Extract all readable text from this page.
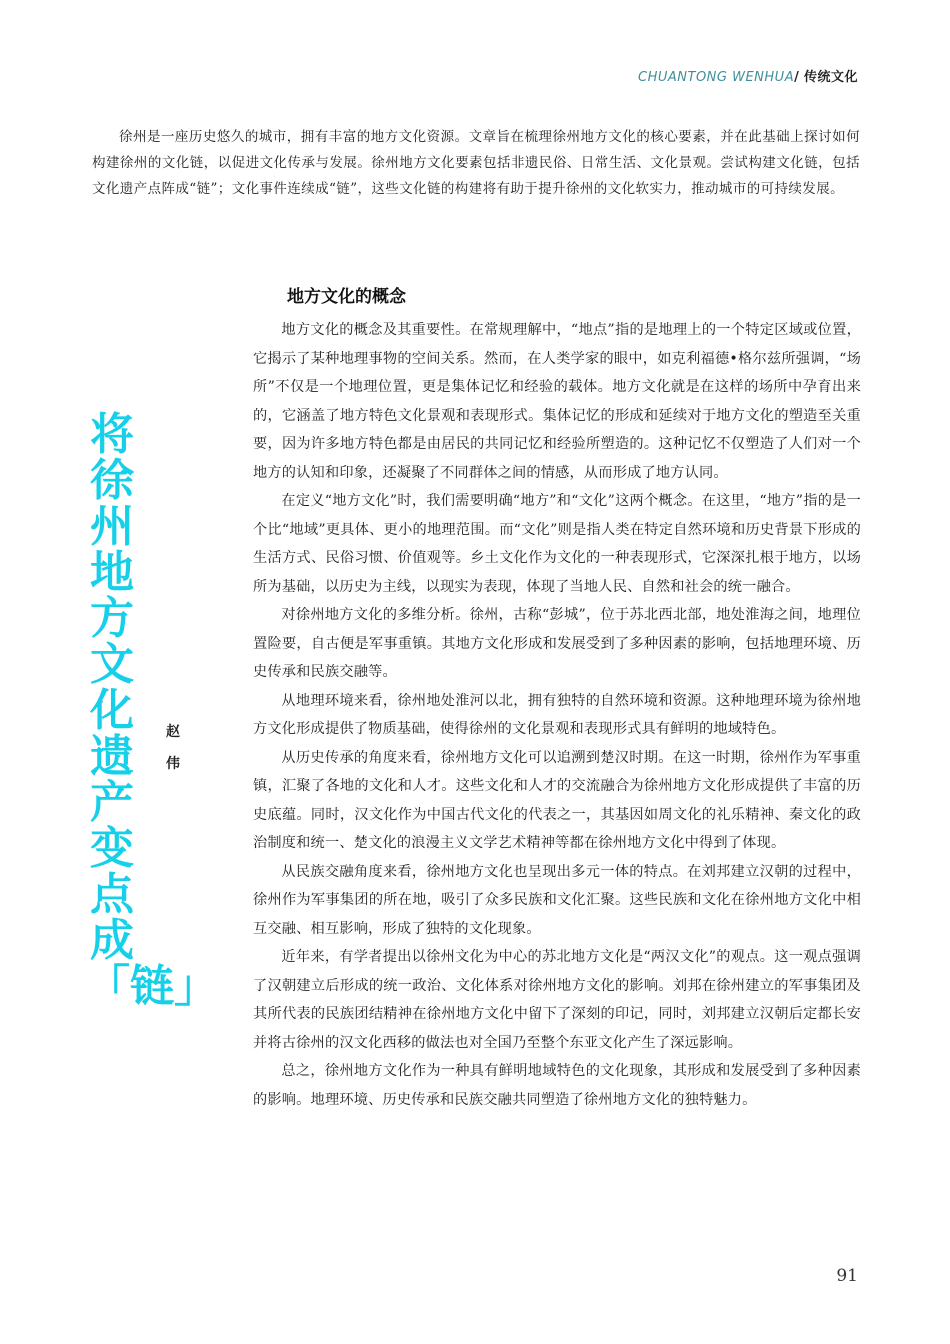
CHUANTONG WENHUA/ 传统文化

徐州是一座历史悠久的城市，拥有丰富的地方文化资源。文章旨在梳理徐州地方文化的核心要素，并在此基础上探讨如何构建徐州的文化链，以促进文化传承与发展。徐州地方文化要素包括非遗民俗、日常生活、文化景观。尝试构建文化链，包括文化遗产点阵成“链”；文化事件连续成“链”，这些文化链的构建将有助于提升徐州的文化软实力，推动城市的可持续发展。

将徐州地方文化遗产变点成「链」
赵伟
地方文化的概念

地方文化的概念及其重要性。在常规理解中，“地点”指的是地理上的一个特定区域或位置，它揭示了某种地理事物的空间关系。然而，在人类学家的眼中，如克利福德•格尔兹所强调，“场所”不仅是一个地理位置，更是集体记忆和经验的载体。地方文化就是在这样的场所中孕育出来的，它涵盖了地方特色文化景观和表现形式。集体记忆的形成和延续对于地方文化的塑造至关重要，因为许多地方特色都是由居民的共同记忆和经验所塑造的。这种记忆不仅塑造了人们对一个地方的认知和印象，还凝聚了不同群体之间的情感，从而形成了地方认同。

在定义“地方文化”时，我们需要明确“地方”和“文化”这两个概念。在这里，“地方”指的是一个比“地域”更具体、更小的地理范围。而“文化”则是指人类在特定自然环境和历史背景下形成的生活方式、民俗习惯、价值观等。乡土文化作为文化的一种表现形式，它深深扎根于地方，以场所为基础，以历史为主线，以现实为表现，体现了当地人民、自然和社会的统一融合。

对徐州地方文化的多维分析。徐州，古称“彭城”，位于苏北西北部，地处淮海之间，地理位置险要，自古便是军事重镇。其地方文化形成和发展受到了多种因素的影响，包括地理环境、历史传承和民族交融等。

从地理环境来看，徐州地处淮河以北，拥有独特的自然环境和资源。这种地理环境为徐州地方文化形成提供了物质基础，使得徐州的文化景观和表现形式具有鲜明的地域特色。

从历史传承的角度来看，徐州地方文化可以追溯到楚汉时期。在这一时期，徐州作为军事重镇，汇聚了各地的文化和人才。这些文化和人才的交流融合为徐州地方文化形成提供了丰富的历史底蕴。同时，汉文化作为中国古代文化的代表之一，其基因如周文化的礼乐精神、秦文化的政治制度和统一、楚文化的浪漫主义文学艺术精神等都在徐州地方文化中得到了体现。

从民族交融角度来看，徐州地方文化也呈现出多元一体的特点。在刘邦建立汉朝的过程中，徐州作为军事集团的所在地，吸引了众多民族和文化汇聚。这些民族和文化在徐州地方文化中相互交融、相互影响，形成了独特的文化现象。

近年来，有学者提出以徐州文化为中心的苏北地方文化是“两汉文化”的观点。这一观点强调了汉朝建立后形成的统一政治、文化体系对徐州地方文化的影响。刘邦在徐州建立的军事集团及其所代表的民族团结精神在徐州地方文化中留下了深刻的印记，同时，刘邦建立汉朝后定都长安并将古徐州的汉文化西移的做法也对全国乃至整个东亚文化产生了深远影响。

总之，徐州地方文化作为一种具有鲜明地域特色的文化现象，其形成和发展受到了多种因素的影响。地理环境、历史传承和民族交融共同塑造了徐州地方文化的独特魅力。

91
